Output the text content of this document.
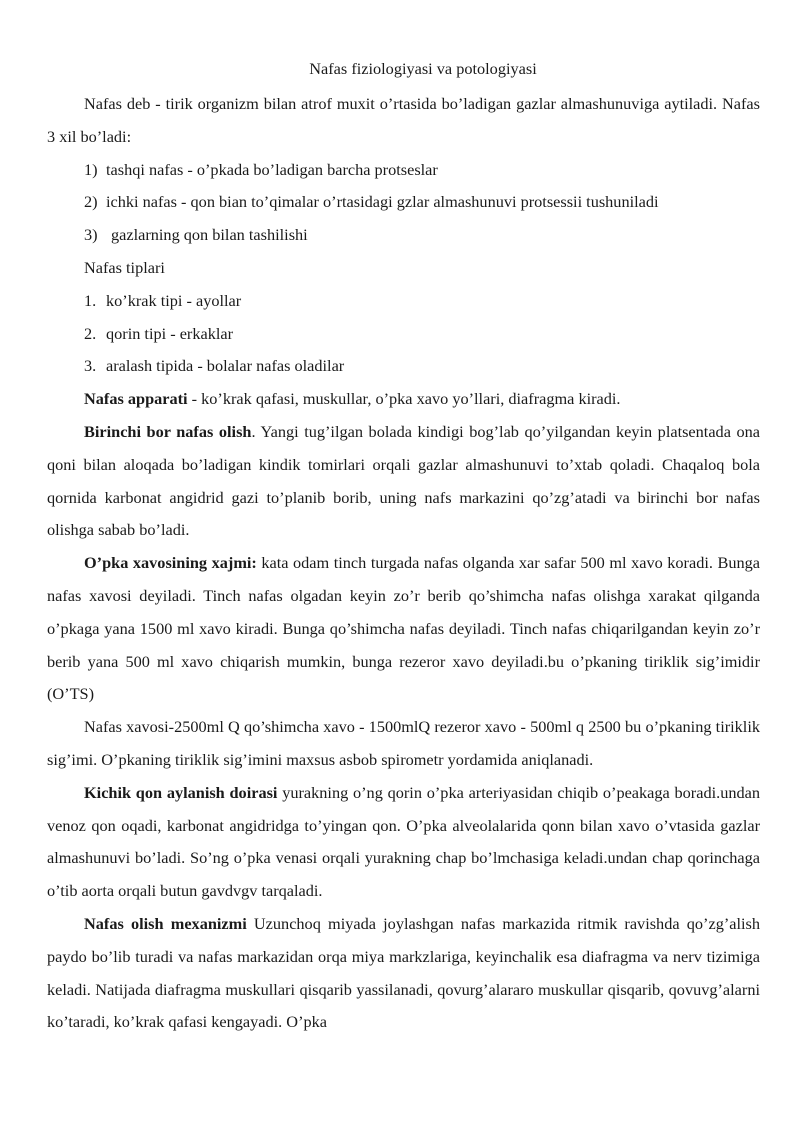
Nafas fiziologiyasi va potologiyasi

Nafas deb - tirik organizm bilan atrof muxit o’rtasida bo’ladigan gazlar almashunuviga aytiladi. Nafas 3 xil bo’ladi:

1) tashqi nafas - o’pkada bo’ladigan barcha protseslar

2) ichki nafas - qon bian to’qimalar o’rtasidagi gzlar almashunuvi protsessii tushuniladi

3) gazlarning qon bilan tashilishi

Nafas tiplari

1. ko’krak tipi - ayollar

2. qorin tipi - erkaklar

3. aralash tipida - bolalar nafas oladilar

Nafas apparati - ko’krak qafasi, muskullar, o’pka xavo yo’llari, diafragma kiradi.

Birinchi bor nafas olish. Yangi tug’ilgan bolada kindigi bog’lab qo’yilgandan keyin platsentada ona qoni bilan aloqada bo’ladigan kindik tomirlari orqali gazlar almashunuvi to’xtab qoladi. Chaqaloq bola qornida karbonat angidrid gazi to’planib borib, uning nafs markazini qo’zg’atadi va birinchi bor nafas olishga sabab bo’ladi.

O’pka xavosining xajmi: kata odam tinch turgada nafas olganda xar safar 500 ml xavo koradi. Bunga nafas xavosi deyiladi. Tinch nafas olgadan keyin zo’r berib qo’shimcha nafas olishga xarakat qilganda o’pkaga yana 1500 ml xavo kiradi. Bunga qo’shimcha nafas deyiladi. Tinch nafas chiqarilgandan keyin zo’r berib yana 500 ml xavo chiqarish mumkin, bunga rezeror xavo deyiladi.bu o’pkaning tiriklik sig’imidir (O’TS)

Nafas xavosi-2500ml Q qo’shimcha xavo - 1500mlQ rezeror xavo - 500ml q 2500 bu o’pkaning tiriklik sig’imi. O’pkaning tiriklik sig’imini maxsus asbob spirometr yordamida aniqlanadi.

Kichik qon aylanish doirasi yurakning o’ng qorin o’pka arteriyasidan chiqib o’peakaga boradi.undan venoz qon oqadi, karbonat angidridga to’yingan qon. O’pka alveolalarida qonn bilan xavo o’vtasida gazlar almashunuvi bo’ladi. So’ng o’pka venasi orqali yurakning chap bo’lmchasiga keladi.undan chap qorinchaga o’tib aorta orqali butun gavdvgv tarqaladi.

Nafas olish mexanizmi Uzunchoq miyada joylashgan nafas markazida ritmik ravishda qo’zg’alish paydo bo’lib turadi va nafas markazidan orqa miya markzlariga, keyinchalik esa diafragma va nerv tizimiga keladi. Natijada diafragma muskullari qisqarib yassilanadi, qovurg’alararo muskullar qisqarib, qovuvg’alarni ko’taradi, ko’krak qafasi kengayadi. O’pka
